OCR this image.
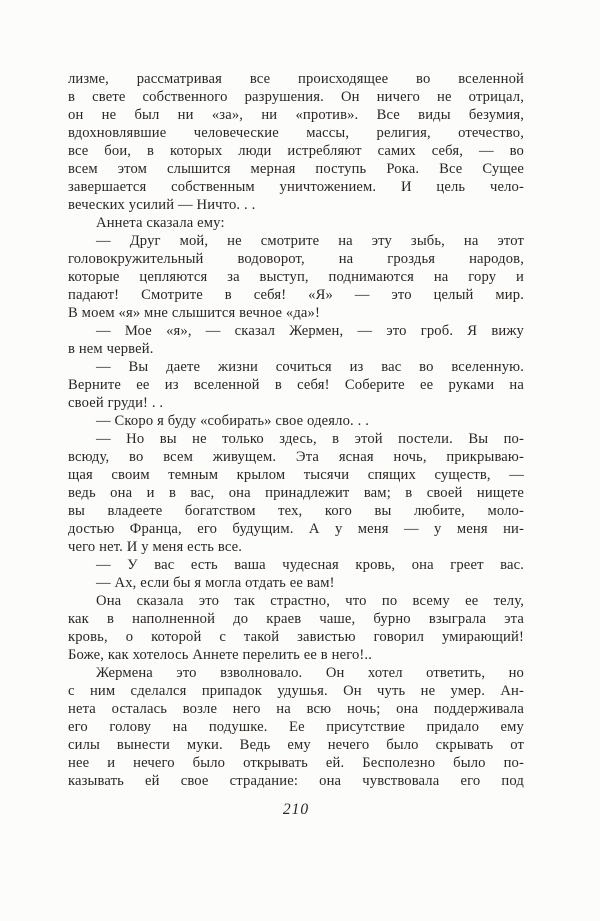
лизме, рассматривая все происходящее во вселенной
в свете собственного разрушения. Он ничего не отрицал,
он не был ни «за», ни «против». Все виды безумия,
вдохновлявшие человеческие массы, религия, отечество,
все бои, в которых люди истребляют самих себя, — во
всем этом слышится мерная поступь Рока. Все Сущее
завершается собственным уничтожением. И цель чело-
веческих усилий — Ничто. . .
Аннета сказала ему:
— Друг мой, не смотрите на эту зыбь, на этот
головокружительный водоворот, на гроздья народов,
которые цепляются за выступ, поднимаются на гору и
падают! Смотрите в себя! «Я» — это целый мир.
В моем «я» мне слышится вечное «да»!
— Мое «я», — сказал Жермен, — это гроб. Я вижу
в нем червей.
— Вы даете жизни сочиться из вас во вселенную.
Верните ее из вселенной в себя! Соберите ее руками на
своей груди! . .
— Скоро я буду «собирать» свое одеяло. . .
— Но вы не только здесь, в этой постели. Вы по-
всюду, во всем живущем. Эта ясная ночь, прикрываю-
щая своим темным крылом тысячи спящих существ, —
ведь она и в вас, она принадлежит вам; в своей нищете
вы владеете богатством тех, кого вы любите, моло-
достью Франца, его будущим. А у меня — у меня ни-
чего нет. И у меня есть все.
— У вас есть ваша чудесная кровь, она греет вас.
— Ах, если бы я могла отдать ее вам!
Она сказала это так страстно, что по всему ее телу,
как в наполненной до краев чаше, бурно взыграла эта
кровь, о которой с такой завистью говорил умирающий!
Боже, как хотелось Аннете перелить ее в него!..
Жермена это взволновало. Он хотел ответить, но
с ним сделался припадок удушья. Он чуть не умер. Ан-
нета осталась возле него на всю ночь; она поддерживала
его голову на подушке. Ее присутствие придало ему
силы вынести муки. Ведь ему нечего было скрывать от
нее и нечего было открывать ей. Бесполезно было по-
казывать ей свое страдание: она чувствовала его под
210
